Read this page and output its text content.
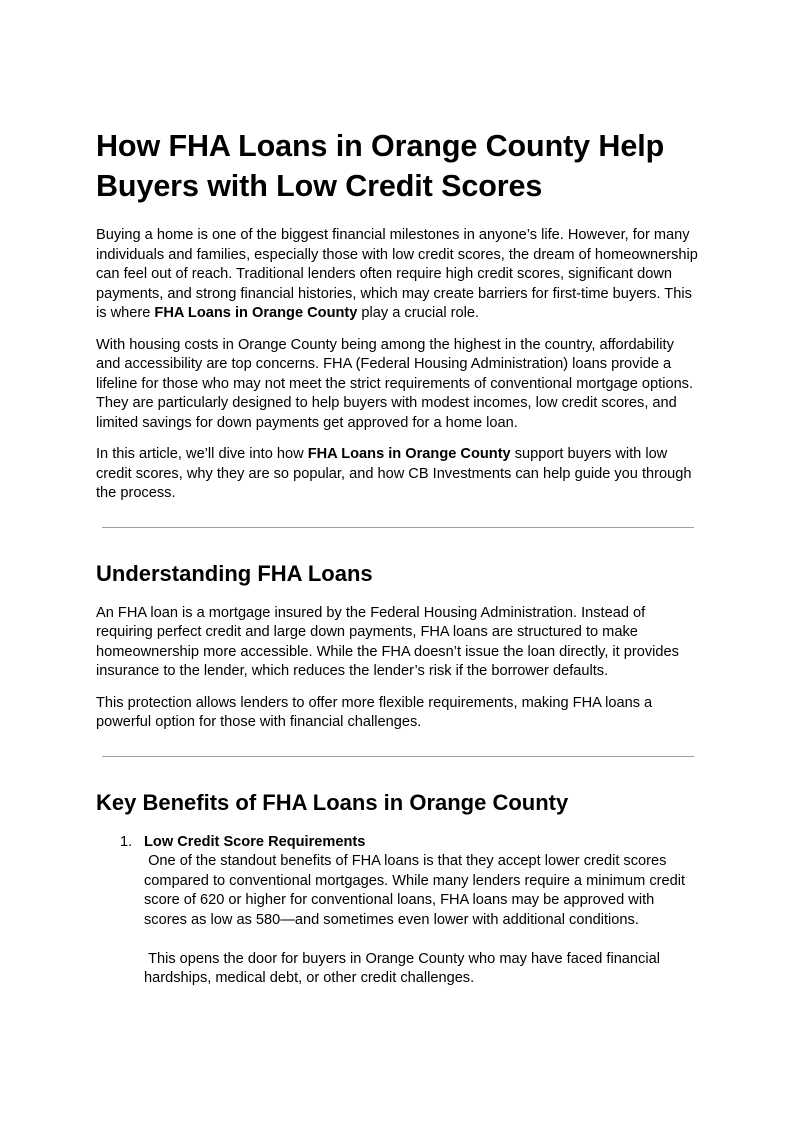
How FHA Loans in Orange County Help Buyers with Low Credit Scores

Buying a home is one of the biggest financial milestones in anyone’s life. However, for many individuals and families, especially those with low credit scores, the dream of homeownership can feel out of reach. Traditional lenders often require high credit scores, significant down payments, and strong financial histories, which may create barriers for first-time buyers. This is where FHA Loans in Orange County play a crucial role.

With housing costs in Orange County being among the highest in the country, affordability and accessibility are top concerns. FHA (Federal Housing Administration) loans provide a lifeline for those who may not meet the strict requirements of conventional mortgage options. They are particularly designed to help buyers with modest incomes, low credit scores, and limited savings for down payments get approved for a home loan.

In this article, we’ll dive into how FHA Loans in Orange County support buyers with low credit scores, why they are so popular, and how CB Investments can help guide you through the process.

Understanding FHA Loans

An FHA loan is a mortgage insured by the Federal Housing Administration. Instead of requiring perfect credit and large down payments, FHA loans are structured to make homeownership more accessible. While the FHA doesn’t issue the loan directly, it provides insurance to the lender, which reduces the lender’s risk if the borrower defaults.

This protection allows lenders to offer more flexible requirements, making FHA loans a powerful option for those with financial challenges.

Key Benefits of FHA Loans in Orange County
1. Low Credit Score Requirements
One of the standout benefits of FHA loans is that they accept lower credit scores compared to conventional mortgages. While many lenders require a minimum credit score of 620 or higher for conventional loans, FHA loans may be approved with scores as low as 580—and sometimes even lower with additional conditions.
This opens the door for buyers in Orange County who may have faced financial hardships, medical debt, or other credit challenges.
